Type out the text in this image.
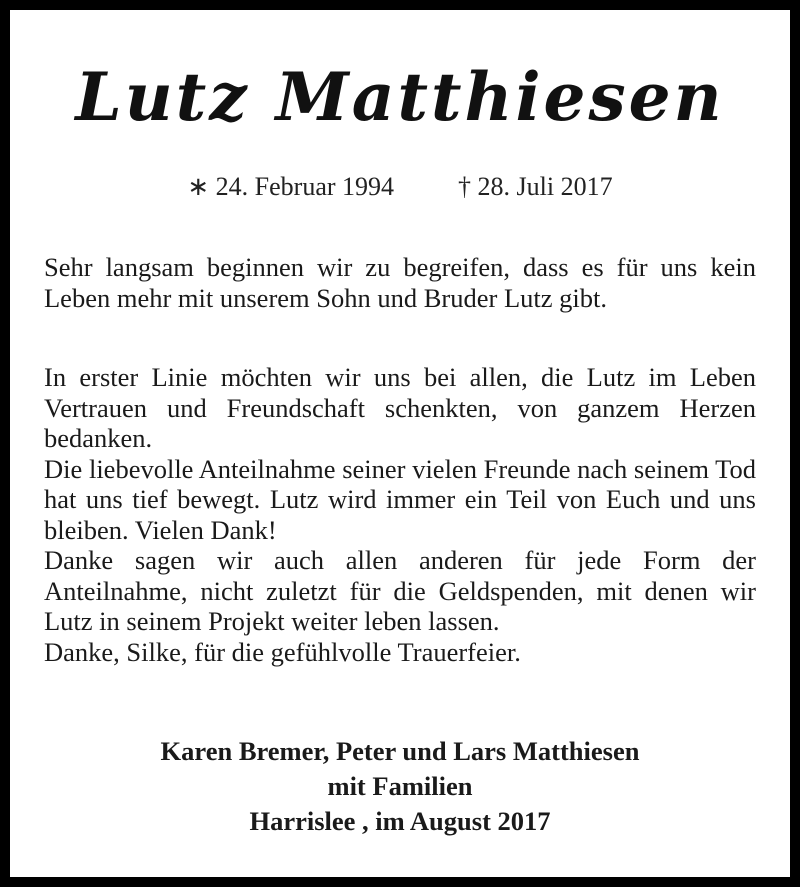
Lutz Matthiesen
∗ 24. Februar 1994 † 28. Juli 2017

Sehr langsam beginnen wir zu begreifen, dass es für uns kein Leben mehr mit unserem Sohn und Bruder Lutz gibt.

In erster Linie möchten wir uns bei allen, die Lutz im Leben Vertrauen und Freundschaft schenkten, von ganzem Herzen bedanken.

Die liebevolle Anteilnahme seiner vielen Freunde nach seinem Tod hat uns tief bewegt. Lutz wird immer ein Teil von Euch und uns bleiben. Vielen Dank!

Danke sagen wir auch allen anderen für jede Form der Anteilnahme, nicht zuletzt für die Geldspenden, mit denen wir Lutz in seinem Projekt weiter leben lassen.

Danke, Silke, für die gefühlvolle Trauerfeier.

Karen Bremer, Peter und Lars Matthiesen
mit Familien
Harrislee , im August 2017
